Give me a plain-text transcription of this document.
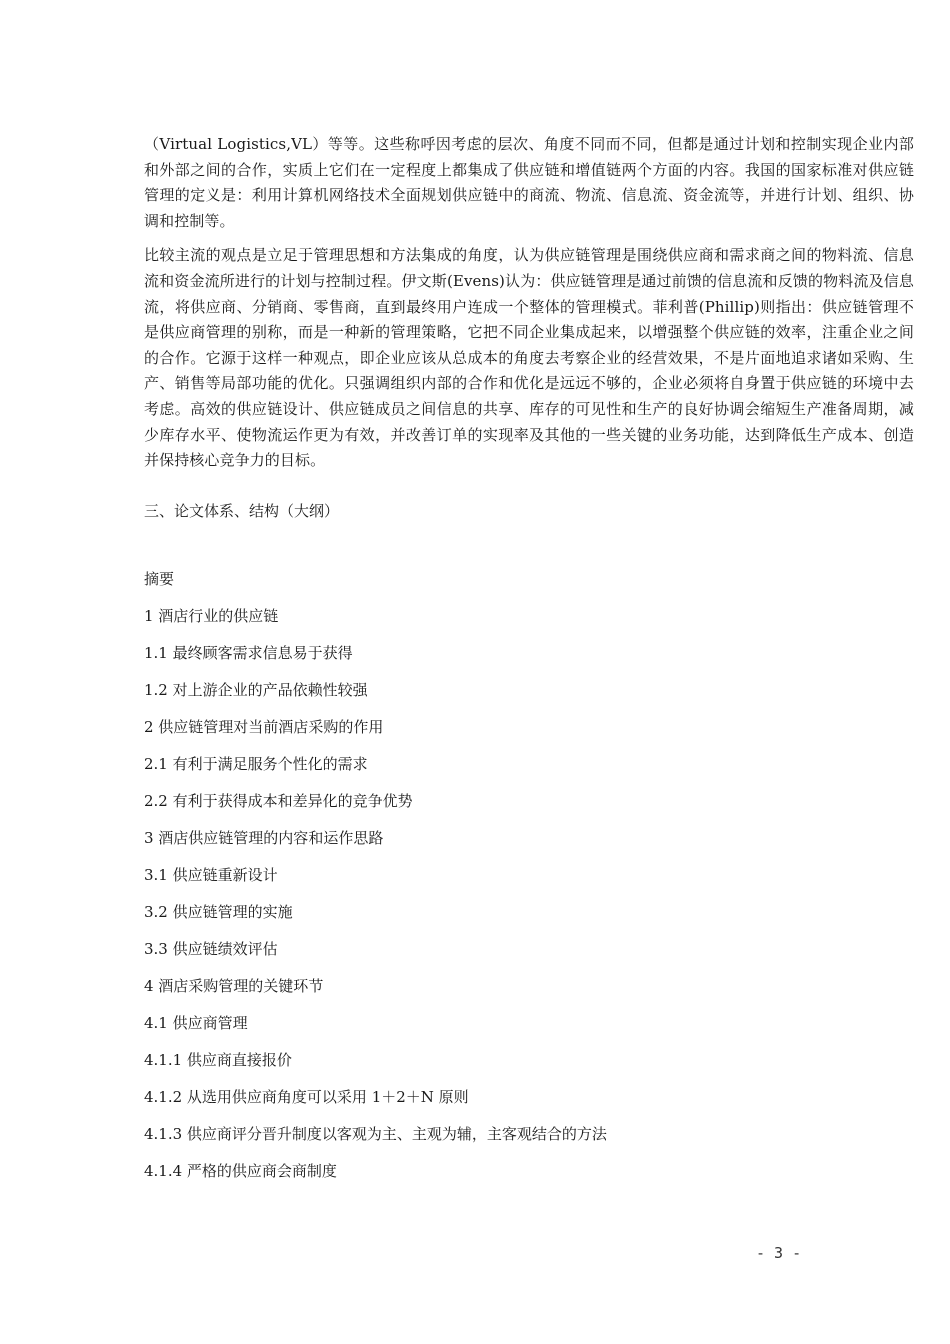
（Virtual Logistics,VL）等等。这些称呼因考虑的层次、角度不同而不同，但都是通过计划和控制实现企业内部和外部之间的合作，实质上它们在一定程度上都集成了供应链和增值链两个方面的内容。我国的国家标准对供应链管理的定义是：利用计算机网络技术全面规划供应链中的商流、物流、信息流、资金流等，并进行计划、组织、协调和控制等。

比较主流的观点是立足于管理思想和方法集成的角度，认为供应链管理是围绕供应商和需求商之间的物料流、信息流和资金流所进行的计划与控制过程。伊文斯(Evens)认为：供应链管理是通过前馈的信息流和反馈的物料流及信息流，将供应商、分销商、零售商，直到最终用户连成一个整体的管理模式。菲利普(Phillip)则指出：供应链管理不是供应商管理的别称，而是一种新的管理策略，它把不同企业集成起来，以增强整个供应链的效率，注重企业之间的合作。它源于这样一种观点，即企业应该从总成本的角度去考察企业的经营效果，不是片面地追求诸如采购、生产、销售等局部功能的优化。只强调组织内部的合作和优化是远远不够的，企业必须将自身置于供应链的环境中去考虑。高效的供应链设计、供应链成员之间信息的共享、库存的可见性和生产的良好协调会缩短生产准备周期，减少库存水平、使物流运作更为有效，并改善订单的实现率及其他的一些关键的业务功能，达到降低生产成本、创造并保持核心竞争力的目标。

三、论文体系、结构（大纲）
摘要
1 酒店行业的供应链
1.1 最终顾客需求信息易于获得
1.2 对上游企业的产品依赖性较强
2 供应链管理对当前酒店采购的作用
2.1 有利于满足服务个性化的需求
2.2 有利于获得成本和差异化的竞争优势
3 酒店供应链管理的内容和运作思路
3.1 供应链重新设计
3.2 供应链管理的实施
3.3 供应链绩效评估
4 酒店采购管理的关键环节
4.1 供应商管理
4.1.1 供应商直接报价
4.1.2 从选用供应商角度可以采用 1＋2＋N 原则
4.1.3 供应商评分晋升制度以客观为主、主观为辅，主客观结合的方法
4.1.4 严格的供应商会商制度
- 3 -
